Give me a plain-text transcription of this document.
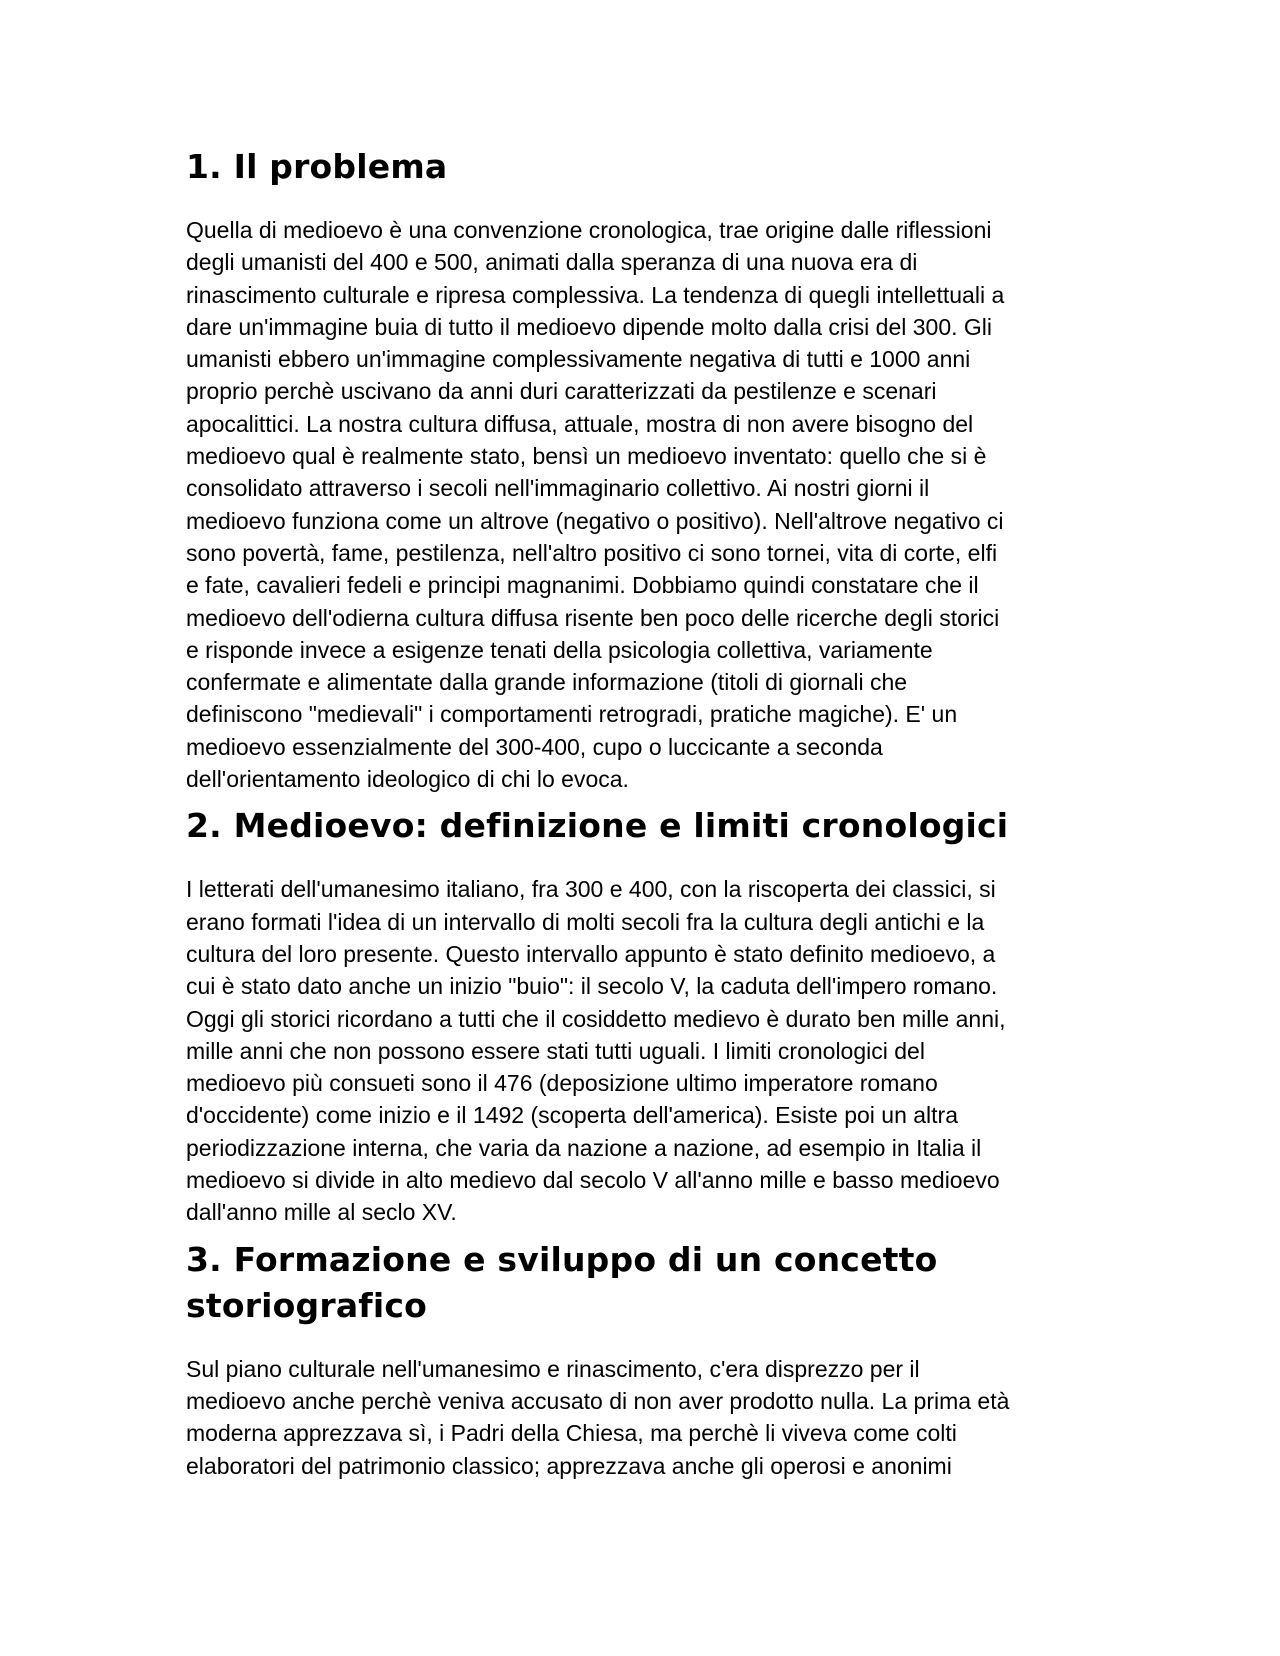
1. Il problema

Quella di medioevo è una convenzione cronologica, trae origine dalle riflessioni
degli umanisti del 400 e 500, animati dalla speranza di una nuova era di
rinascimento culturale e ripresa complessiva. La tendenza di quegli intellettuali a
dare un'immagine buia di tutto il medioevo dipende molto dalla crisi del 300. Gli
umanisti ebbero un'immagine complessivamente negativa di tutti e 1000 anni
proprio perchè uscivano da anni duri caratterizzati da pestilenze e scenari
apocalittici. La nostra cultura diffusa, attuale, mostra di non avere bisogno del
medioevo qual è realmente stato, bensì un medioevo inventato: quello che si è
consolidato attraverso i secoli nell'immaginario collettivo. Ai nostri giorni il
medioevo funziona come un altrove (negativo o positivo). Nell'altrove negativo ci
sono povertà, fame, pestilenza, nell'altro positivo ci sono tornei, vita di corte, elfi
e fate, cavalieri fedeli e principi magnanimi. Dobbiamo quindi constatare che il
medioevo dell'odierna cultura diffusa risente ben poco delle ricerche degli storici
e risponde invece a esigenze tenati della psicologia collettiva, variamente
confermate e alimentate dalla grande informazione (titoli di giornali che
definiscono "medievali" i comportamenti retrogradi, pratiche magiche). E' un
medioevo essenzialmente del 300-400, cupo o luccicante a seconda
dell'orientamento ideologico di chi lo evoca.

2. Medioevo: definizione e limiti cronologici

I letterati dell'umanesimo italiano, fra 300 e 400, con la riscoperta dei classici, si
erano formati l'idea di un intervallo di molti secoli fra la cultura degli antichi e la
cultura del loro presente. Questo intervallo appunto è stato definito medioevo, a
cui è stato dato anche un inizio "buio": il secolo V, la caduta dell'impero romano.
Oggi gli storici ricordano a tutti che il cosiddetto medievo è durato ben mille anni,
mille anni che non possono essere stati tutti uguali. I limiti cronologici del
medioevo più consueti sono il 476 (deposizione ultimo imperatore romano
d'occidente) come inizio e il 1492 (scoperta dell'america). Esiste poi un altra
periodizzazione interna, che varia da nazione a nazione, ad esempio in Italia il
medioevo si divide in alto medievo dal secolo V all'anno mille e basso medioevo
dall'anno mille al seclo XV.

3. Formazione e sviluppo di un concetto
storiografico

Sul piano culturale nell'umanesimo e rinascimento, c'era disprezzo per il
medioevo anche perchè veniva accusato di non aver prodotto nulla. La prima età
moderna apprezzava sì, i Padri della Chiesa, ma perchè li viveva come colti
elaboratori del patrimonio classico; apprezzava anche gli operosi e anonimi
